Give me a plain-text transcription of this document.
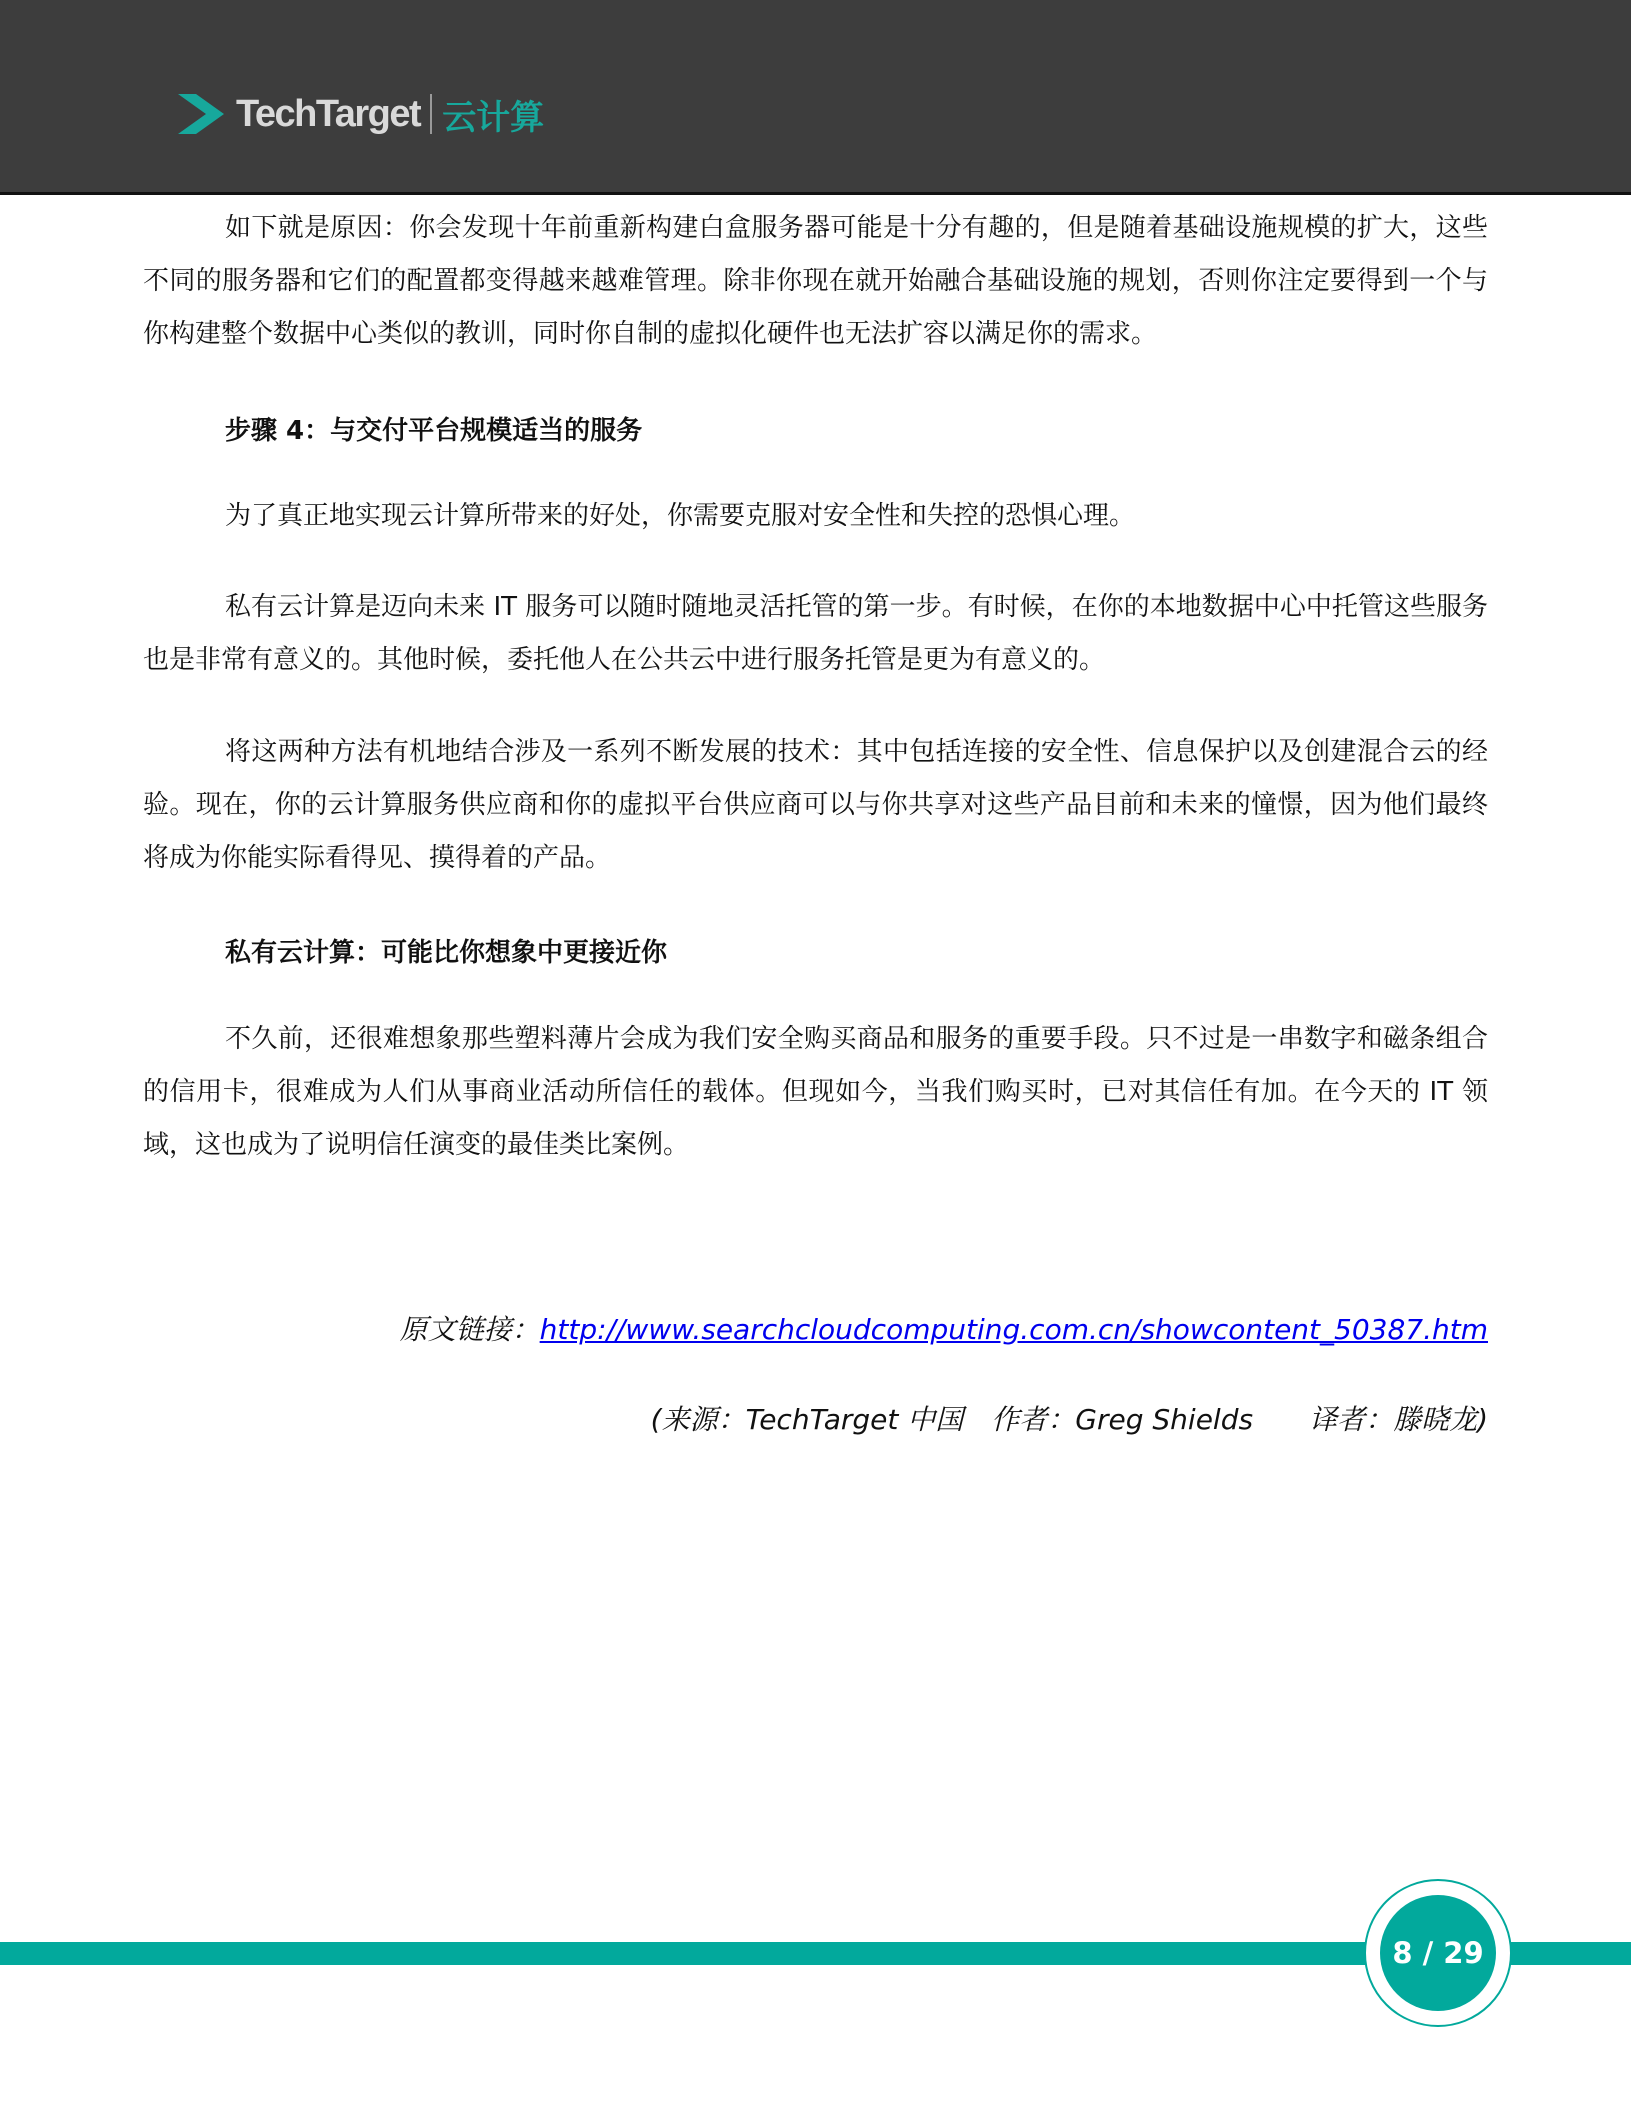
TechTarget 云计算

如下就是原因：你会发现十年前重新构建白盒服务器可能是十分有趣的，但是随着基础设施规模的扩大，这些不同的服务器和它们的配置都变得越来越难管理。除非你现在就开始融合基础设施的规划，否则你注定要得到一个与你构建整个数据中心类似的教训，同时你自制的虚拟化硬件也无法扩容以满足你的需求。

步骤 4：与交付平台规模适当的服务

为了真正地实现云计算所带来的好处，你需要克服对安全性和失控的恐惧心理。

私有云计算是迈向未来 IT 服务可以随时随地灵活托管的第一步。有时候，在你的本地数据中心中托管这些服务也是非常有意义的。其他时候，委托他人在公共云中进行服务托管是更为有意义的。

将这两种方法有机地结合涉及一系列不断发展的技术：其中包括连接的安全性、信息保护以及创建混合云的经验。现在，你的云计算服务供应商和你的虚拟平台供应商可以与你共享对这些产品目前和未来的憧憬，因为他们最终将成为你能实际看得见、摸得着的产品。

私有云计算：可能比你想象中更接近你

不久前，还很难想象那些塑料薄片会成为我们安全购买商品和服务的重要手段。只不过是一串数字和磁条组合的信用卡，很难成为人们从事商业活动所信任的载体。但现如今，当我们购买时，已对其信任有加。在今天的 IT 领域，这也成为了说明信任演变的最佳类比案例。

原文链接：http://www.searchcloudcomputing.com.cn/showcontent_50387.htm
(来源：TechTarget 中国　作者：Greg Shields　　译者：滕晓龙)
8 / 29
